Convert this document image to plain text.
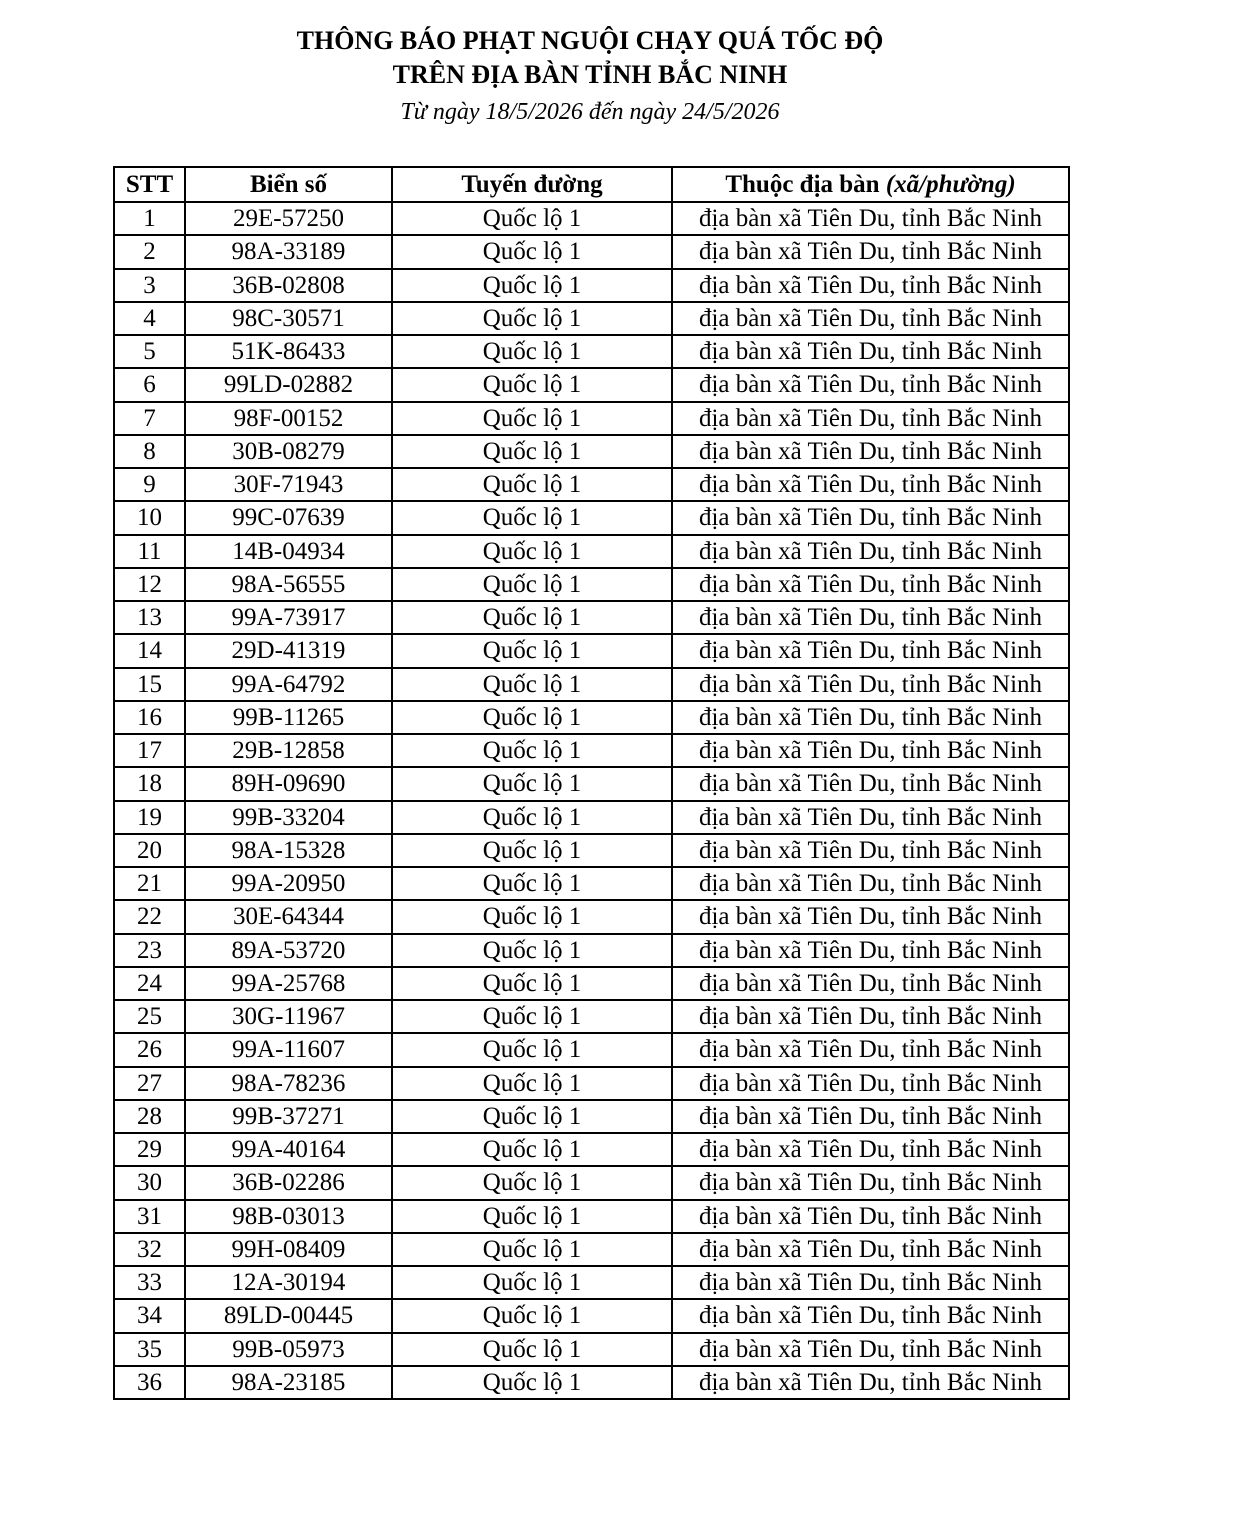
THÔNG BÁO PHẠT NGUỘI CHẠY QUÁ TỐC ĐỘ
TRÊN ĐỊA BÀN TỈNH BẮC NINH
Từ ngày 18/5/2026 đến ngày 24/5/2026
STT	Biển số	Tuyến đường	Thuộc địa bàn (xã/phường)
1	29E-57250	Quốc lộ 1	địa bàn xã Tiên Du, tỉnh Bắc Ninh
2	98A-33189	Quốc lộ 1	địa bàn xã Tiên Du, tỉnh Bắc Ninh
3	36B-02808	Quốc lộ 1	địa bàn xã Tiên Du, tỉnh Bắc Ninh
4	98C-30571	Quốc lộ 1	địa bàn xã Tiên Du, tỉnh Bắc Ninh
5	51K-86433	Quốc lộ 1	địa bàn xã Tiên Du, tỉnh Bắc Ninh
6	99LD-02882	Quốc lộ 1	địa bàn xã Tiên Du, tỉnh Bắc Ninh
7	98F-00152	Quốc lộ 1	địa bàn xã Tiên Du, tỉnh Bắc Ninh
8	30B-08279	Quốc lộ 1	địa bàn xã Tiên Du, tỉnh Bắc Ninh
9	30F-71943	Quốc lộ 1	địa bàn xã Tiên Du, tỉnh Bắc Ninh
10	99C-07639	Quốc lộ 1	địa bàn xã Tiên Du, tỉnh Bắc Ninh
11	14B-04934	Quốc lộ 1	địa bàn xã Tiên Du, tỉnh Bắc Ninh
12	98A-56555	Quốc lộ 1	địa bàn xã Tiên Du, tỉnh Bắc Ninh
13	99A-73917	Quốc lộ 1	địa bàn xã Tiên Du, tỉnh Bắc Ninh
14	29D-41319	Quốc lộ 1	địa bàn xã Tiên Du, tỉnh Bắc Ninh
15	99A-64792	Quốc lộ 1	địa bàn xã Tiên Du, tỉnh Bắc Ninh
16	99B-11265	Quốc lộ 1	địa bàn xã Tiên Du, tỉnh Bắc Ninh
17	29B-12858	Quốc lộ 1	địa bàn xã Tiên Du, tỉnh Bắc Ninh
18	89H-09690	Quốc lộ 1	địa bàn xã Tiên Du, tỉnh Bắc Ninh
19	99B-33204	Quốc lộ 1	địa bàn xã Tiên Du, tỉnh Bắc Ninh
20	98A-15328	Quốc lộ 1	địa bàn xã Tiên Du, tỉnh Bắc Ninh
21	99A-20950	Quốc lộ 1	địa bàn xã Tiên Du, tỉnh Bắc Ninh
22	30E-64344	Quốc lộ 1	địa bàn xã Tiên Du, tỉnh Bắc Ninh
23	89A-53720	Quốc lộ 1	địa bàn xã Tiên Du, tỉnh Bắc Ninh
24	99A-25768	Quốc lộ 1	địa bàn xã Tiên Du, tỉnh Bắc Ninh
25	30G-11967	Quốc lộ 1	địa bàn xã Tiên Du, tỉnh Bắc Ninh
26	99A-11607	Quốc lộ 1	địa bàn xã Tiên Du, tỉnh Bắc Ninh
27	98A-78236	Quốc lộ 1	địa bàn xã Tiên Du, tỉnh Bắc Ninh
28	99B-37271	Quốc lộ 1	địa bàn xã Tiên Du, tỉnh Bắc Ninh
29	99A-40164	Quốc lộ 1	địa bàn xã Tiên Du, tỉnh Bắc Ninh
30	36B-02286	Quốc lộ 1	địa bàn xã Tiên Du, tỉnh Bắc Ninh
31	98B-03013	Quốc lộ 1	địa bàn xã Tiên Du, tỉnh Bắc Ninh
32	99H-08409	Quốc lộ 1	địa bàn xã Tiên Du, tỉnh Bắc Ninh
33	12A-30194	Quốc lộ 1	địa bàn xã Tiên Du, tỉnh Bắc Ninh
34	89LD-00445	Quốc lộ 1	địa bàn xã Tiên Du, tỉnh Bắc Ninh
35	99B-05973	Quốc lộ 1	địa bàn xã Tiên Du, tỉnh Bắc Ninh
36	98A-23185	Quốc lộ 1	địa bàn xã Tiên Du, tỉnh Bắc Ninh
